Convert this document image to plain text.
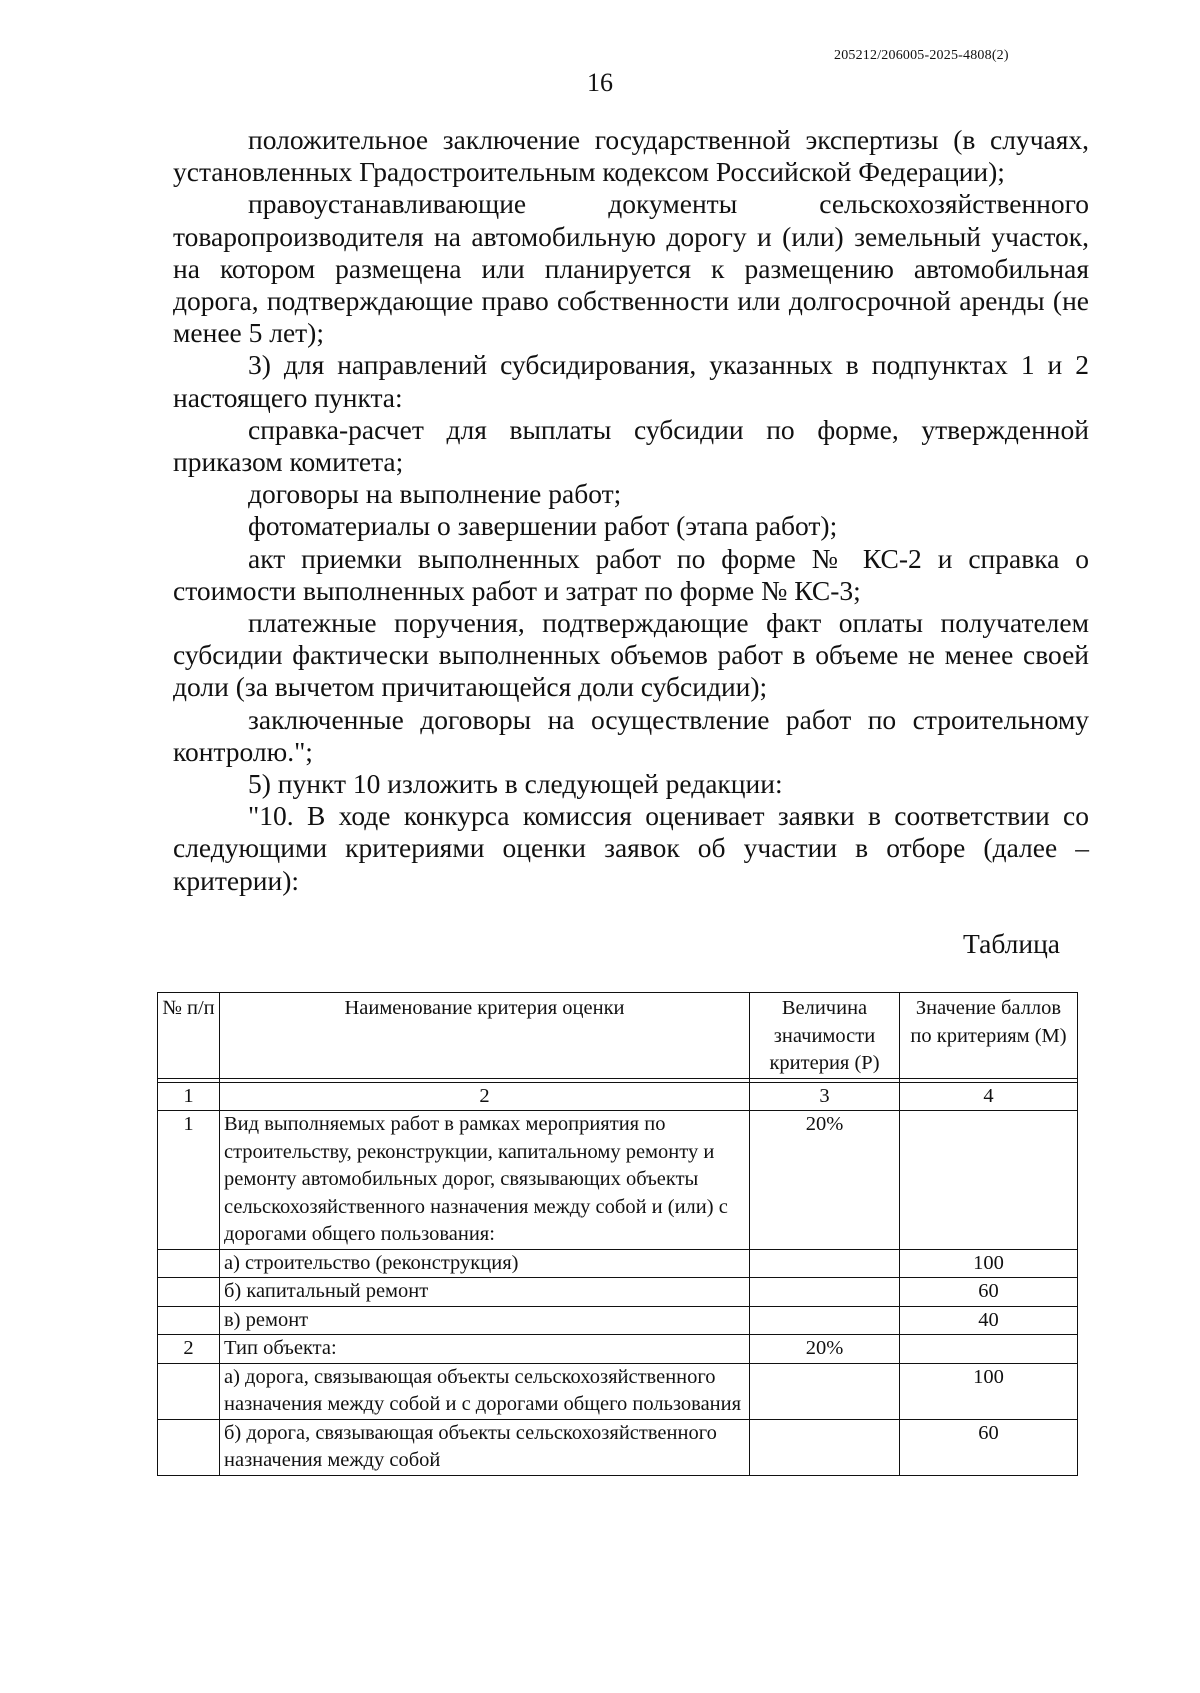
205212/206005-2025-4808(2)
16

положительное заключение государственной экспертизы (в случаях, установленных Градостроительным кодексом Российской Федерации);

правоустанавливающие документы сельскохозяйственного товаропроизводителя на автомобильную дорогу и (или) земельный участок, на котором размещена или планируется к размещению автомобильная дорога, подтверждающие право собственности или долгосрочной аренды (не менее 5 лет);

3) для направлений субсидирования, указанных в подпунктах 1 и 2 настоящего пункта:

справка-расчет для выплаты субсидии по форме, утвержденной приказом комитета;

договоры на выполнение работ;

фотоматериалы о завершении работ (этапа работ);

акт приемки выполненных работ по форме № КС-2 и справка о стоимости выполненных работ и затрат по форме № КС-3;

платежные поручения, подтверждающие факт оплаты получателем субсидии фактически выполненных объемов работ в объеме не менее своей доли (за вычетом причитающейся доли субсидии);

заключенные договоры на осуществление работ по строительному контролю.";

5) пункт 10 изложить в следующей редакции:

"10. В ходе конкурса комиссия оценивает заявки в соответствии со следующими критериями оценки заявок об участии в отборе (далее – критерии):

Таблица
№ п/п	Наименование критерия оценки	Величина значимости критерия (P)	Значение баллов по критериям (M)

1	2	3	4
1	Вид выполняемых работ в рамках мероприятия по строительству, реконструкции, капитальному ремонту и ремонту автомобильных дорог, связывающих объекты сельскохозяйственного назначения между собой и (или) с дорогами общего пользования:	20%	
	а) строительство (реконструкция)		100
	б) капитальный ремонт		60
	в) ремонт		40
2	Тип объекта:	20%	
	а) дорога, связывающая объекты сельскохозяйственного назначения между собой и с дорогами общего пользования		100
	б) дорога, связывающая объекты сельскохозяйственного назначения между собой		60
